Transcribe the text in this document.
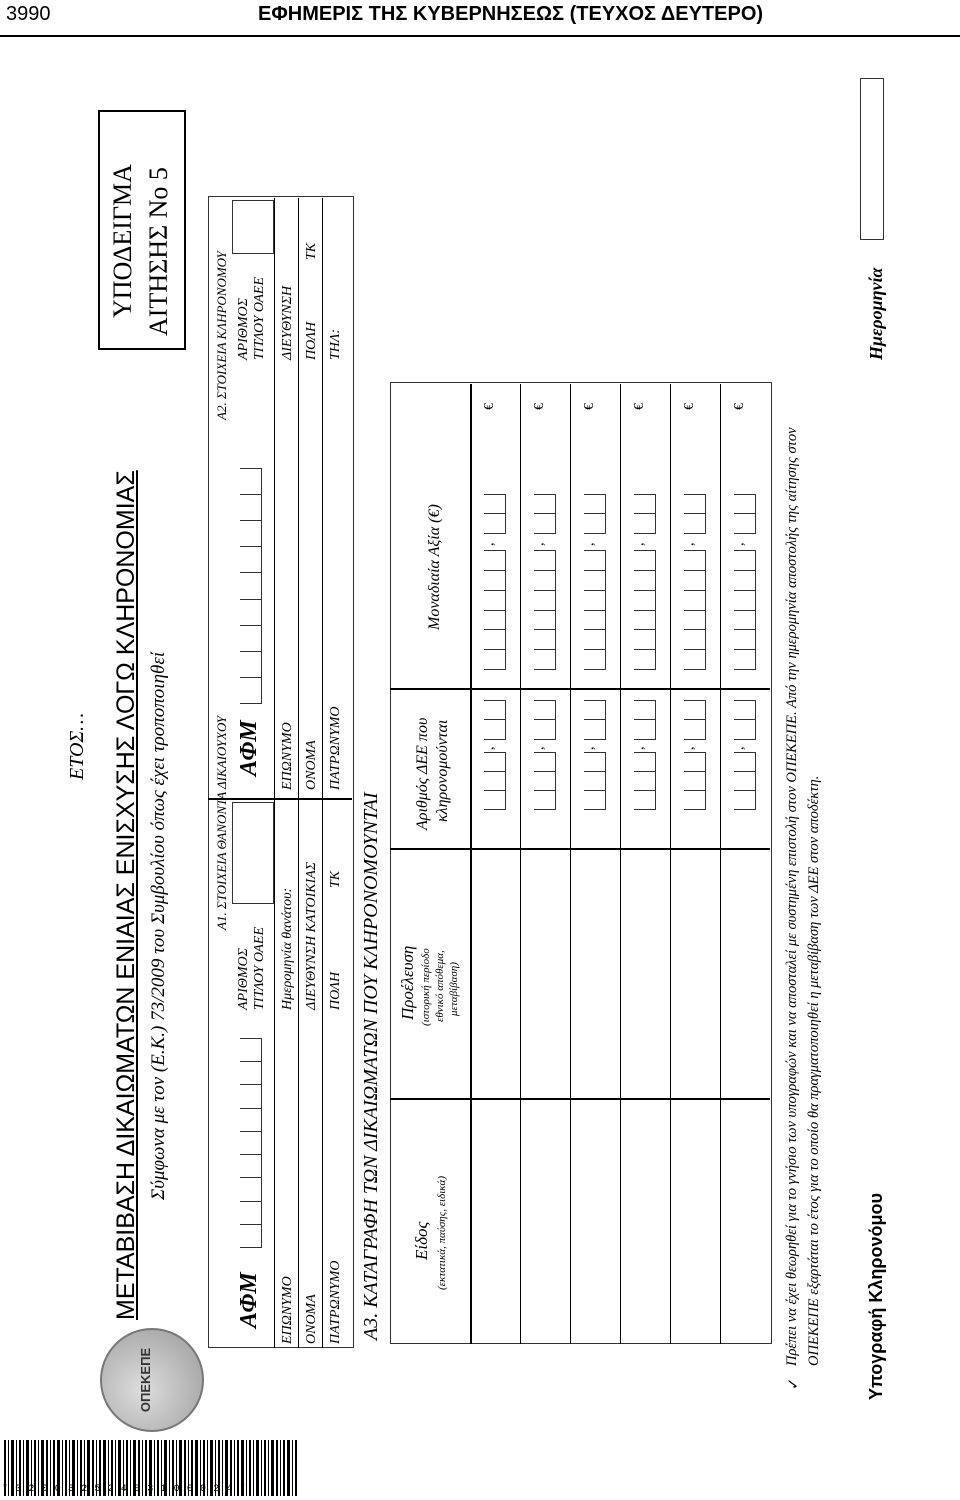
3990	ΕΦΗΜΕΡΙΣ ΤΗΣ ΚΥΒΕΡΝΗΣΕΩΣ (ΤΕΥΧΟΣ ΔΕΥΤΕΡΟ)
ΟΠΕΚΕΠΕ
ΕΤΟΣ… ΜΕΤΑΒΙΒΑΣΗ ΔΙΚΑΙΩΜΑΤΩΝ ΕΝΙΑΙΑΣ ΕΝΙΣΧΥΣΗΣ ΛΟΓΩ ΚΛΗΡΟΝΟΜΙΑΣ Σύμφωνα με τον (Ε.Κ.) 73/2009 του Συμβουλίου όπως έχει τροποποιηθεί
ΥΠΟΔΕΙΓΜΑ ΑΙΤΗΣΗΣ Νο 5
Α1. ΣΤΟΙΧΕΙΑ ΘΑΝΟΝΤΑ ΔΙΚΑΙΟΥΧΟΥ
Α2. ΣΤΟΙΧΕΙΑ ΚΛΗΡΟΝΟΜΟΥ
ΑΦΜ
ΑΡΙΘΜΟΣ ΤΙΤΛΟΥ ΟΑΕΕ
ΕΠΩΝΥΜΟ
Ημερομηνία θανάτου:
ΟΝΟΜΑ
ΔΙΕΥΘΥΝΣΗ ΚΑΤΟΙΚΙΑΣ
ΠΑΤΡΩΝΥΜΟ
ΠΟΛΗ
ΤΚ
ΑΦΜ
ΑΡΙΘΜΟΣ ΤΙΤΛΟΥ ΟΑΕΕ
ΕΠΩΝΥΜΟ
ΔΙΕΥΘΥΝΣΗ
ΟΝΟΜΑ
ΠΟΛΗ
ΤΚ
ΠΑΤΡΩΝΥΜΟ
ΤΗΛ:
Α3. ΚΑΤΑΓΡΑΦΗ ΤΩΝ ΔΙΚΑΙΩΜΑΤΩΝ ΠΟΥ ΚΛΗΡΟΝΟΜΟΥΝΤΑΙ Είδος (εκτατικά, παύσης, ειδικά)
Προέλευση (ιστορική περίοδο εθνικό απόθεμα, μεταβίβαση)
Αριθμός ΔΕΕ που κληρονομούνται
Μοναδιαία Αξία (€)
,
,
€
,
,
€
,
,
€
,
,
€
,
,
€
,
,
€
✓
Πρέπει να έχει θεωρηθεί για το γνήσιο των υπογραφών και να αποσταλεί με συστημένη επιστολή στον ΟΠΕΚΕΠΕ. Από την ημερομηνία αποστολής της αίτησης στον ΟΠΕΚΕΠΕ εξαρτάται το έτος για το οποίο θα πραγματοποιηθεί η μεταβίβαση των ΔΕΕ στον αποδέκτη. Υπογραφή Κληρονόμου
Ημερομηνία
*02003252403100024*
